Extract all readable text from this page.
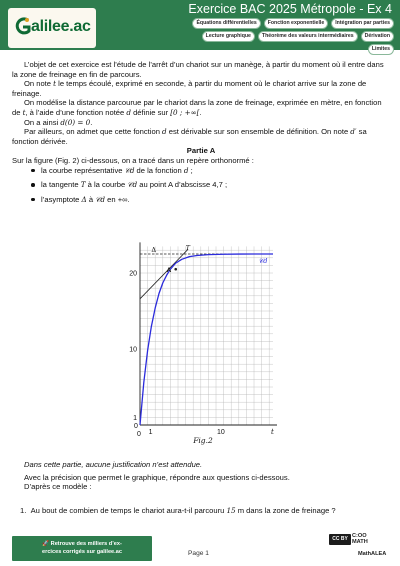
alilee.ac
Exercice BAC 2025 Métropole - Ex 4
Équations différentielles	Fonction exponentielle	Intégration par parties
Lecture graphique	Théorème des valeurs intermédiaires	Dérivation
Limites

L’objet de cet exercice est l’étude de l’arrêt d’un chariot sur un manège, à partir du moment où il entre dans la zone de freinage en fin de parcours.

On note t le temps écoulé, exprimé en seconde, à partir du moment où le chariot arrive sur la zone de freinage.

On modélise la distance parcourue par le chariot dans la zone de freinage, exprimée en mètre, en fonction de t, à l’aide d’une fonction notée d définie sur [0 ; +∞[.

On a ainsi d(0) = 0.

Par ailleurs, on admet que cette fonction d est dérivable sur son ensemble de définition. On note d′ sa fonction dérivée.

Partie A

Sur la figure (Fig. 2) ci-dessous, on a tracé dans un repère orthonormé :

la courbe représentative 𝒞d de la fonction d ;
la tangente T à la courbe 𝒞d au point A d’abscisse 4,7 ;
l’asymptote Δ à 𝒞d en +∞.
0
1
10
20
0 1	10	t
Δ	T
A
𝒞d
Fig.2

Dans cette partie, aucune justification n’est attendue.

Avec la précision que permet le graphique, répondre aux questions ci-dessous.

D’après ce modèle :

1. Au bout de combien de temps le chariot aura-t-il parcouru 15 m dans la zone de freinage ?
🚀 Retrouve des milliers d’ex-
ercices corrigés sur galilee.ac	Page 1
CC BY SA
C:OO
MATH
MathALEA
